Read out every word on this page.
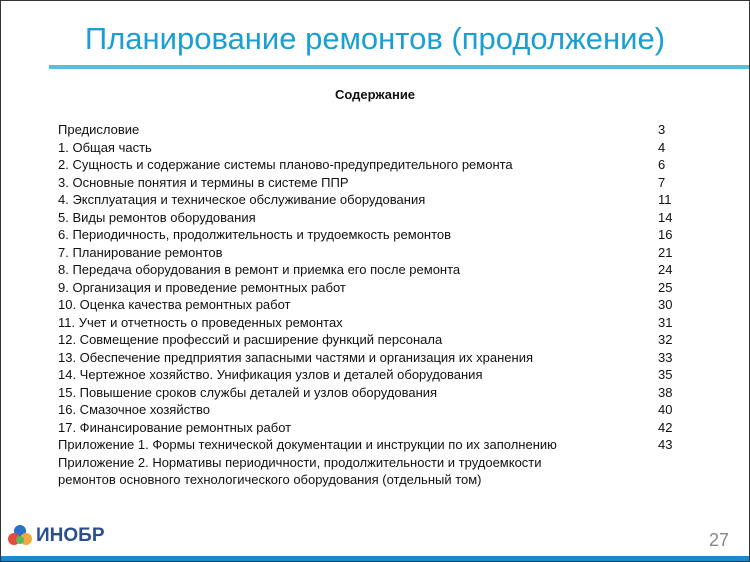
Планирование ремонтов (продолжение)
Содержание
Предисловие	3
1. Общая часть	4
2. Сущность и содержание системы планово-предупредительного ремонта	6
3. Основные понятия и термины в системе ППР	7
4. Эксплуатация и техническое обслуживание оборудования	11
5. Виды ремонтов оборудования	14
6. Периодичность, продолжительность и трудоемкость ремонтов	16
7. Планирование ремонтов	21
8. Передача оборудования в ремонт и приемка его после ремонта	24
9. Организация и проведение ремонтных работ	25
10. Оценка качества ремонтных работ	30
11. Учет и отчетность о проведенных ремонтах	31
12. Совмещение профессий и расширение функций персонала	32
13. Обеспечение предприятия запасными частями и организация их хранения	33
14. Чертежное хозяйство. Унификация узлов и деталей оборудования	35
15. Повышение сроков службы деталей и узлов оборудования	38
16. Смазочное хозяйство	40
17. Финансирование ремонтных работ	42
Приложение 1. Формы технической документации и инструкции по их заполнению	43
Приложение 2. Нормативы периодичности, продолжительности и трудоемкости
ремонтов основного технологического оборудования (отдельный том)
ИНОБР	27
